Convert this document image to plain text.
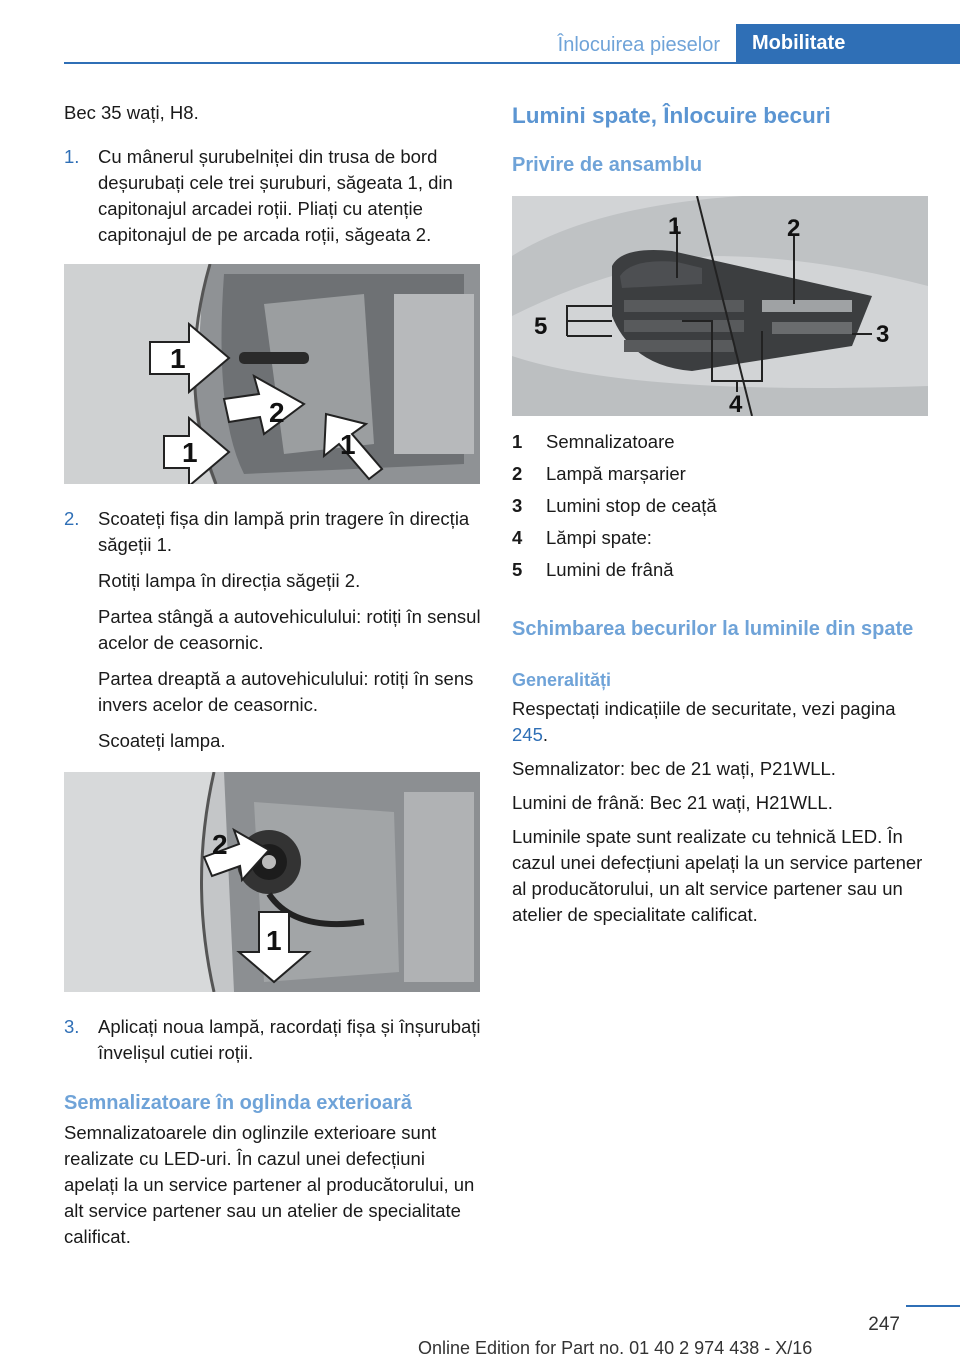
Înlocuirea pieselor	Mobilitate

Bec 35 wați, H8.

1.	Cu mânerul șurubelniței din trusa de bord deșurubați cele trei șuruburi, săgeata 1, din capitonajul arcadei roții. Pliați cu atenție capitonajul de pe arcada roții, săgeata 2.
1
2
1	1
2.	Scoateți fișa din lampă prin tragere în direcția săgeții 1.
Rotiți lampa în direcția săgeții 2.
Partea stângă a autovehiculului: rotiți în sensul acelor de ceasornic.
Partea dreaptă a autovehiculului: rotiți în sens invers acelor de ceasornic.
Scoateți lampa.
2
1
3.	Aplicați noua lampă, racordați fișa și înșurubați învelișul cutiei roții.
Semnalizatoare în oglinda exterioară

Semnalizatoarele din oglinzile exterioare sunt realizate cu LED-uri. În cazul unei defecțiuni apelați la un service partener al producătorului, un alt service partener sau un atelier de specialitate calificat.

Lumini spate, Înlocuire becuri
Privire de ansamblu
1	2
3
4
5
1	Semnalizatoare
2	Lampă marșarier
3	Lumini stop de ceață
4	Lămpi spate:
5	Lumini de frână
Schimbarea becurilor la luminile din spate
Generalități

Respectați indicațiile de securitate, vezi pagina 245.

Semnalizator: bec de 21 wați, P21WLL.

Lumini de frână: Bec 21 wați, H21WLL.

Luminile spate sunt realizate cu tehnică LED. În cazul unei defecțiuni apelați la un service partener al producătorului, un alt service partener sau un atelier de specialitate calificat.

247
Online Edition for Part no. 01 40 2 974 438 - X/16
